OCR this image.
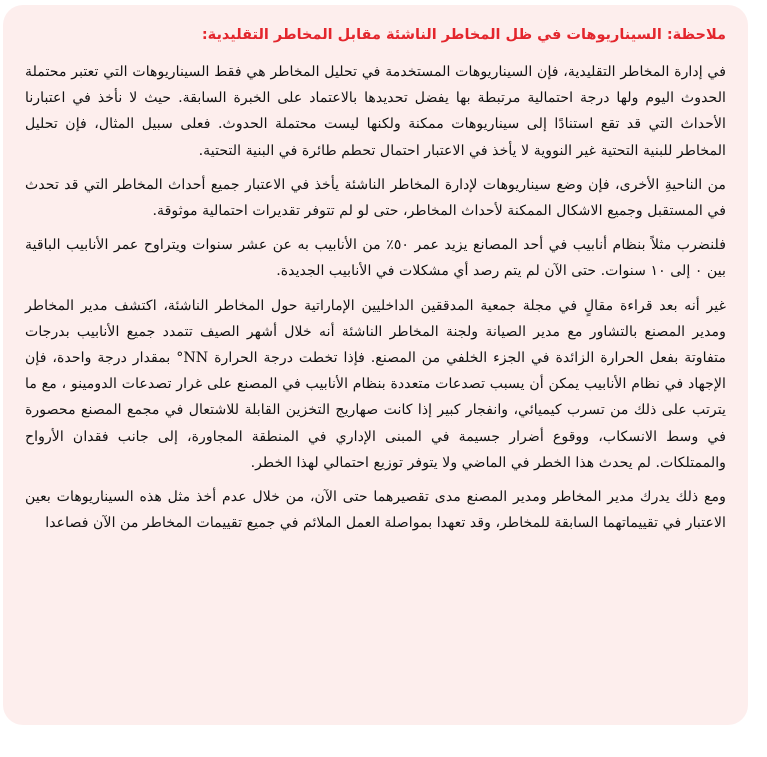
ملاحظة: السيناريوهات في ظل المخاطر الناشئة مقابل المخاطر التقليدية:

في إدارة المخاطر التقليدية، فإن السيناريوهات المستخدمة في تحليل المخاطر هي فقط السيناريوهات التي تعتبر محتملة الحدوث اليوم ولها درجة احتمالية مرتبطة بها يفضل تحديدها بالاعتماد على الخبرة السابقة. حيث لا نأخذ في اعتبارنا الأحداث التي قد تقع استنادًا إلى سيناريوهات ممكنة ولكنها ليست محتملة الحدوث. فعلى سبيل المثال، فإن تحليل المخاطر للبنية التحتية غير النووية لا يأخذ في الاعتبار احتمال تحطم طائرة في البنية التحتية.

من الناحيةِ الأخرى، فإن وضع سيناريوهات لإدارة المخاطر الناشئة يأخذ في الاعتبار جميع أحداث المخاطر التي قد تحدث في المستقبل وجميع الاشكال الممكنة لأحداث المخاطر، حتى لو لم تتوفر تقديرات احتمالية موثوقة.

فلنضرب مثلاً بنظام أنابيب في أحد المصانع يزيد عمر ٥٠٪ من الأنابيب به عن عشر سنوات ويتراوح عمر الأنابيب الباقية بين ٠ إلى ١٠ سنوات. حتى الآن لم يتم رصد أي مشكلات في الأنابيب الجديدة.

غير أنه بعد قراءة مقالٍ في مجلة جمعية المدققين الداخليين الإماراتية حول المخاطر الناشئة، اكتشف مدير المخاطر ومدير المصنع بالتشاور مع مدير الصيانة ولجنة المخاطر الناشئة أنه خلال أشهر الصيف تتمدد جميع الأنابيب بدرجات متفاوتة بفعل الحرارة الزائدة في الجزء الخلفي من المصنع. فإذا تخطت درجة الحرارة NN° بمقدار درجة واحدة، فإن الإجهاد في نظام الأنابيب يمكن أن يسبب تصدعات متعددة بنظام الأنابيب في المصنع على غرار تصدعات الدومينو ، مع ما يترتب على ذلك من تسرب كيميائي، وانفجار كبير إذا كانت صهاريج التخزين القابلة للاشتعال في مجمع المصنع محصورة في وسط الانسكاب، ووقوع أضرار جسيمة في المبنى الإداري في المنطقة المجاورة، إلى جانب فقدان الأرواح والممتلكات. لم يحدث هذا الخطر في الماضي ولا يتوفر توزيع احتمالي لهذا الخطر.

ومع ذلك يدرك مدير المخاطر ومدير المصنع مدى تقصيرهما حتى الآن، من خلال عدم أخذ مثل هذه السيناريوهات بعين الاعتبار في تقييماتهما السابقة للمخاطر، وقد تعهدا بمواصلة العمل الملائم في جميع تقييمات المخاطر من الآن فصاعدا
